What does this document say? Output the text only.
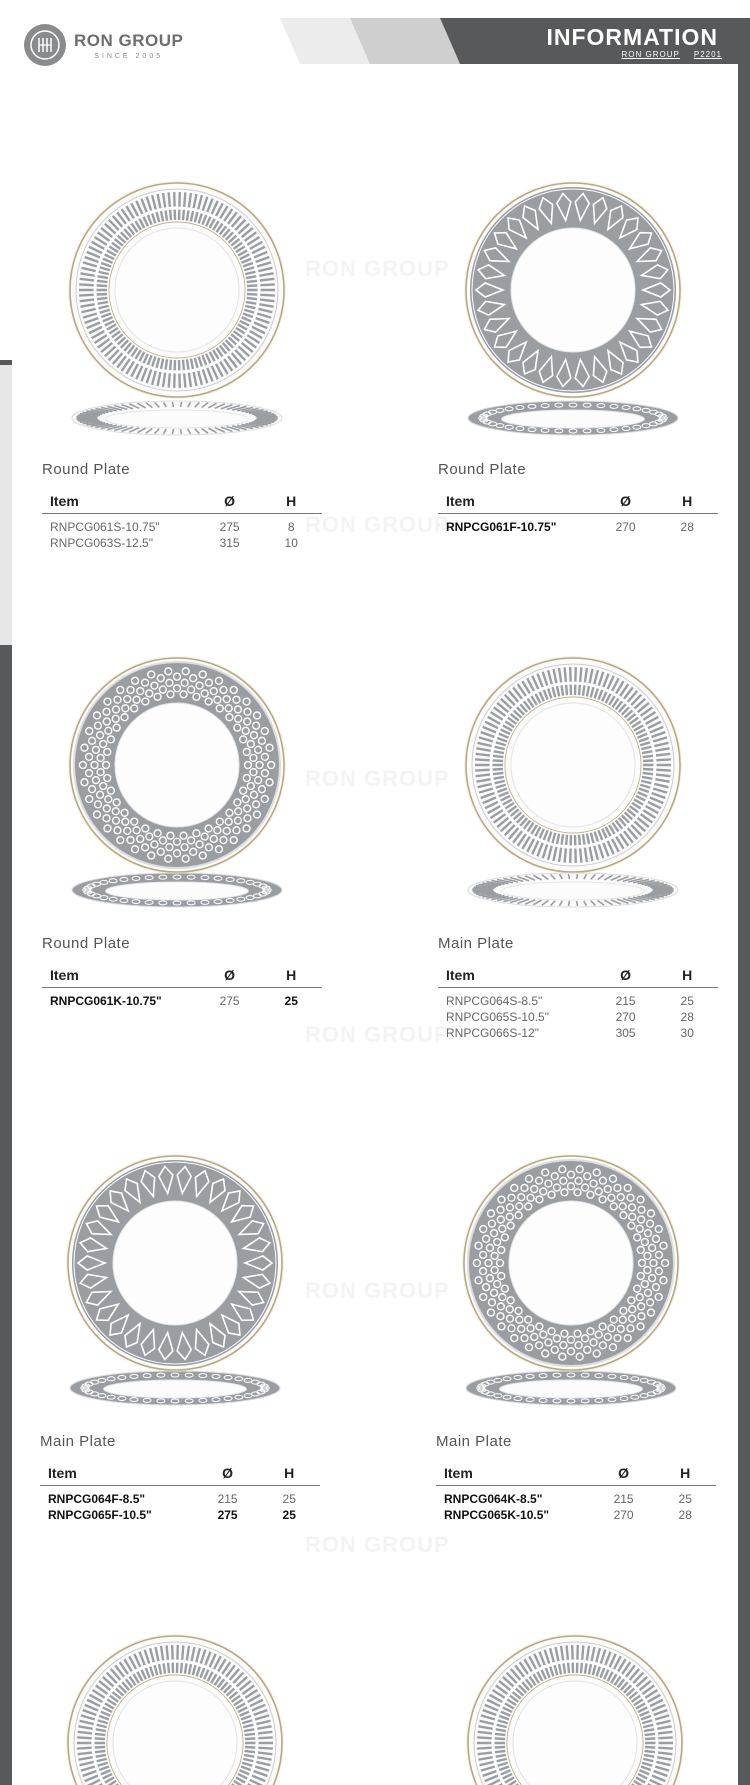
RON GROUP
SINCE 2005
INFORMATION
RON GROUP P2201
Round Plate
Item	Ø	H
RNPCG061S-10.75"	275	8
RNPCG063S-12.5"	315	10
Round Plate
Item	Ø	H
RNPCG061F-10.75"	270	28
Round Plate
Item	Ø	H
RNPCG061K-10.75"	275	25
Main Plate
Item	Ø	H
RNPCG064S-8.5"	215	25
RNPCG065S-10.5"	270	28
RNPCG066S-12"	305	30
Main Plate
Item	Ø	H
RNPCG064F-8.5"	215	25
RNPCG065F-10.5"	275	25
Main Plate
Item	Ø	H
RNPCG064K-8.5"	215	25
RNPCG065K-10.5"	270	28
